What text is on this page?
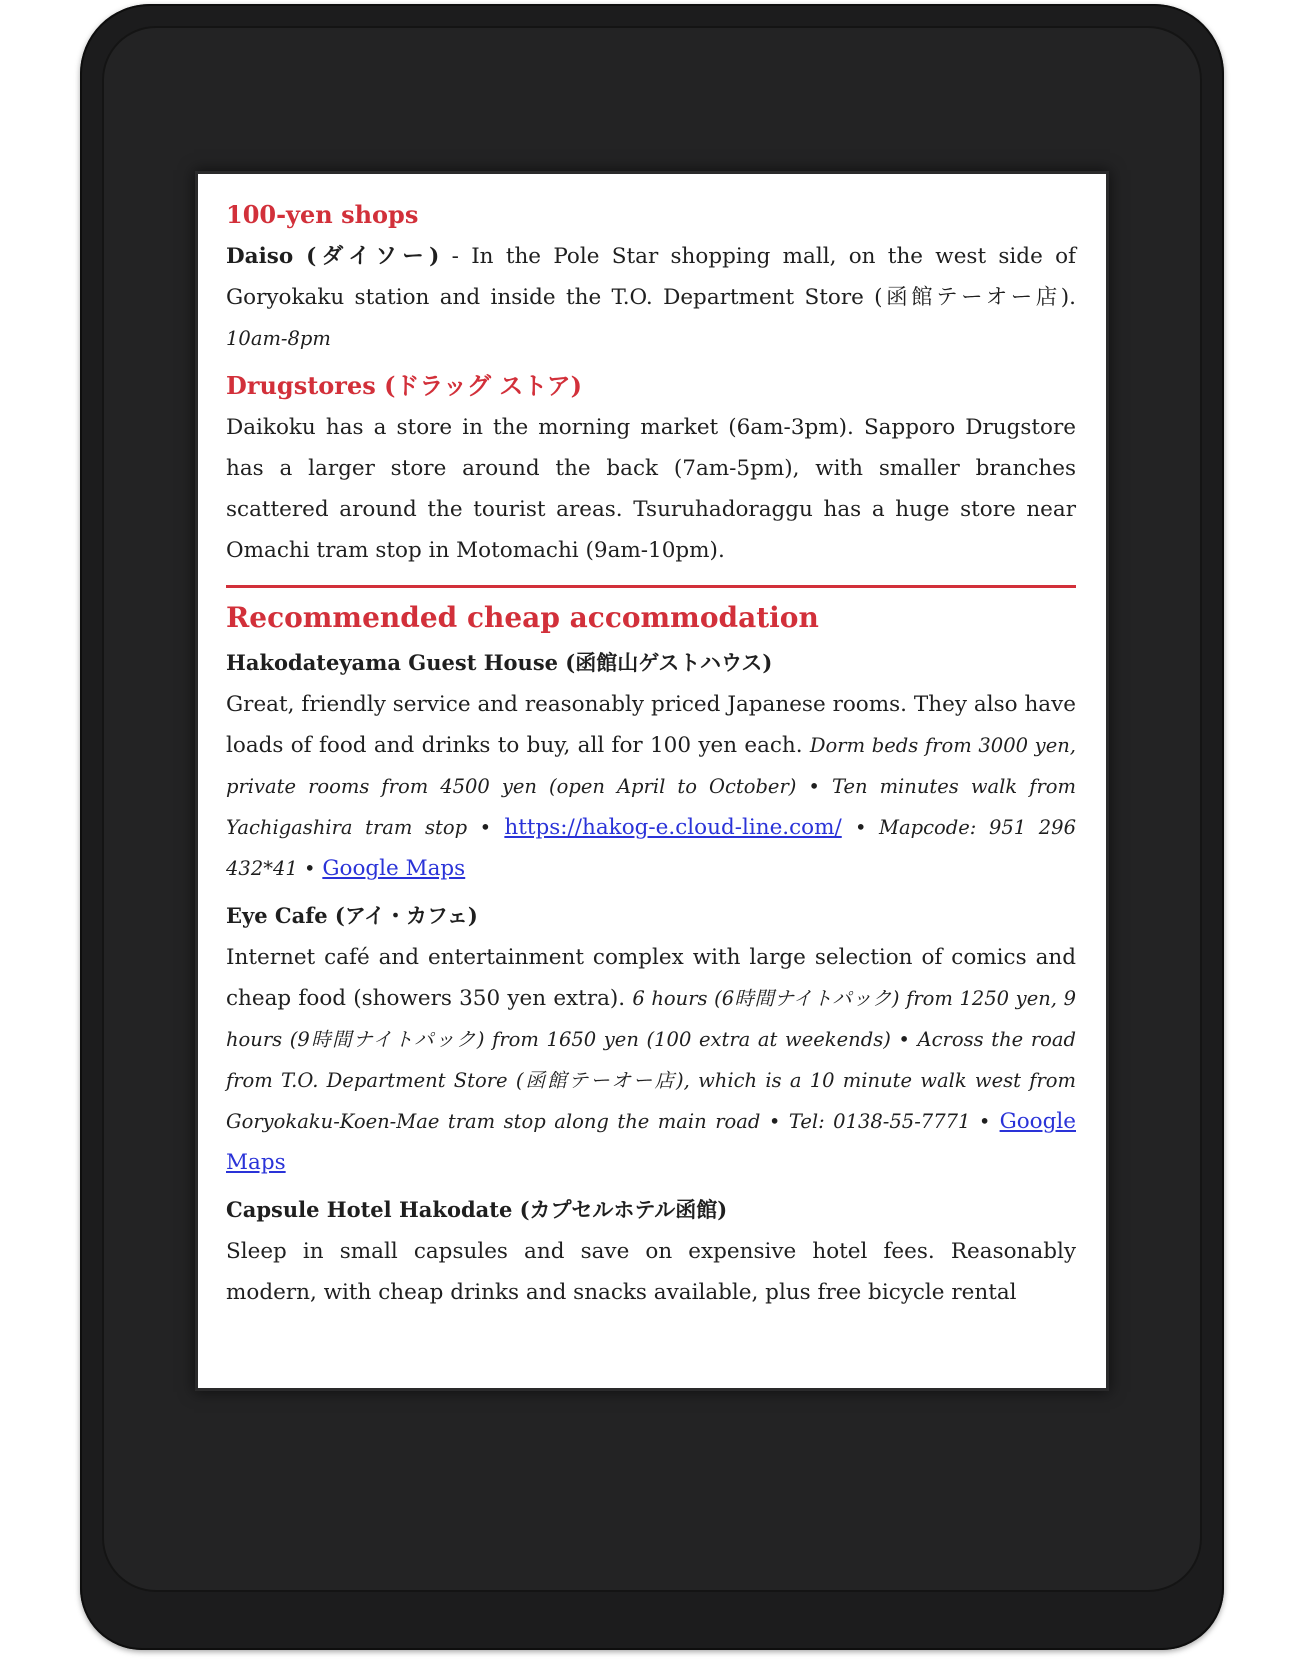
100-yen shops

Daiso (ダイソー) - In the Pole Star shopping mall, on the west side of Goryokaku station and inside the T.O. Department Store (函館テーオー店). 10am-8pm

Drugstores (ドラッグ ストア)

Daikoku has a store in the morning market (6am-3pm). Sapporo Drugstore has a larger store around the back (7am-5pm), with smaller branches scattered around the tourist areas. Tsuruhadoraggu has a huge store near Omachi tram stop in Motomachi (9am-10pm).

Recommended cheap accommodation

Hakodateyama Guest House (函館山ゲストハウス)

Great, friendly service and reasonably priced Japanese rooms. They also have loads of food and drinks to buy, all for 100 yen each. Dorm beds from 3000 yen, private rooms from 4500 yen (open April to October) • Ten minutes walk from Yachigashira tram stop • https://hakog-e.cloud-line.com/ • Mapcode: 951 296 432*41 • Google Maps

Eye Cafe (アイ・カフェ)

Internet café and entertainment complex with large selection of comics and cheap food (showers 350 yen extra). 6 hours (6時間ナイトパック) from 1250 yen, 9 hours (9時間ナイトパック) from 1650 yen (100 extra at weekends) • Across the road from T.O. Department Store (函館テーオー店), which is a 10 minute walk west from Goryokaku-Koen-Mae tram stop along the main road • Tel: 0138-55-7771 • Google Maps

Capsule Hotel Hakodate (カプセルホテル函館)

Sleep in small capsules and save on expensive hotel fees. Reasonably modern, with cheap drinks and snacks available, plus free bicycle rental
